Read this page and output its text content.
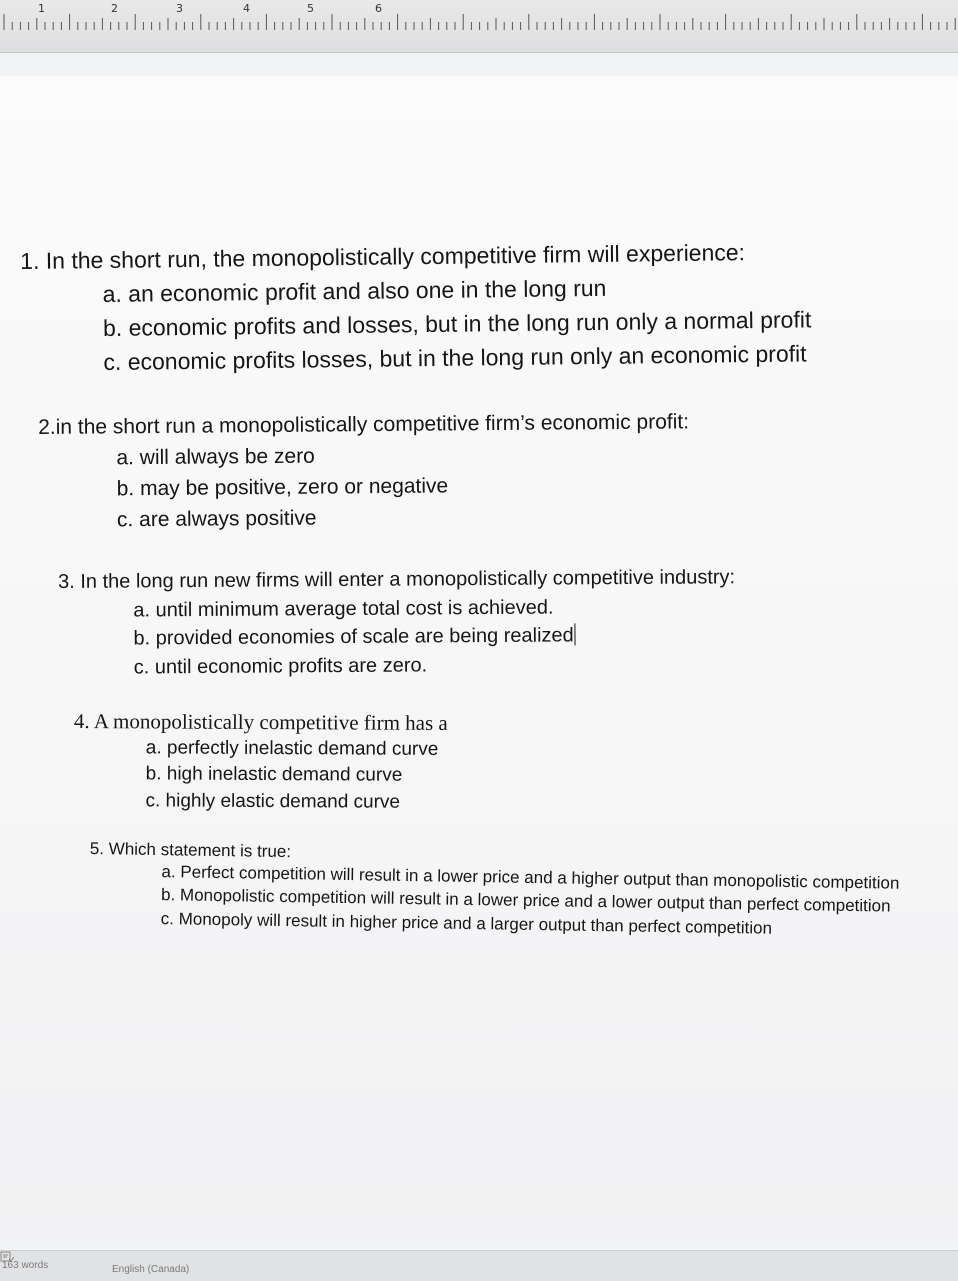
1	2	3	4	5	6
1. In the short run, the monopolistically competitive firm will experience:
a. an economic profit and also one in the long run
b. economic profits and losses, but in the long run only a normal profit
c. economic profits losses, but in the long run only an economic profit
2.in the short run a monopolistically competitive firm’s economic profit:
a. will always be zero
b. may be positive, zero or negative
c. are always positive
3. In the long run new firms will enter a monopolistically competitive industry:
a. until minimum average total cost is achieved.
b. provided economies of scale are being realized
c. until economic profits are zero.
4. A monopolistically competitive firm has a
a. perfectly inelastic demand curve
b. high inelastic demand curve
c. highly elastic demand curve
5. Which statement is true:
a. Perfect competition will result in a lower price and a higher output than monopolistic competition
b. Monopolistic competition will result in a lower price and a lower output than perfect competition
c. Monopoly will result in higher price and a larger output than perfect competition
163 words	English (Canada)
